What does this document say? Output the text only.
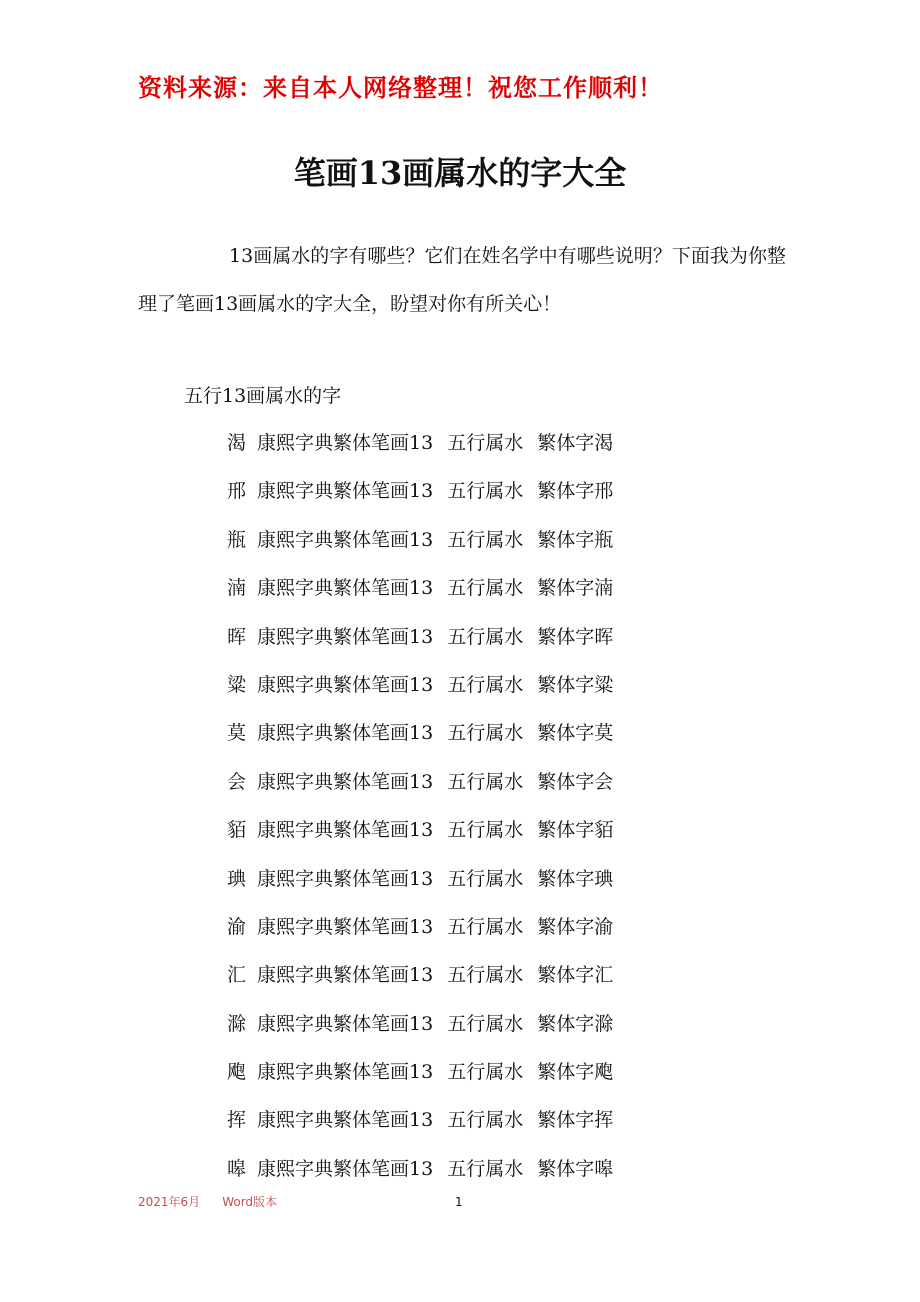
资料来源：来自本人网络整理！祝您工作顺利！
笔画13画属水的字大全

13画属水的字有哪些？它们在姓名学中有哪些说明？下面我为你整理了笔画13画属水的字大全，盼望对你有所关心！

五行13画属水的字
渴 康熙字典繁体笔画13 五行属水 繁体字渴
邢 康熙字典繁体笔画13 五行属水 繁体字邢
瓶 康熙字典繁体笔画13 五行属水 繁体字瓶
湳 康熙字典繁体笔画13 五行属水 繁体字湳
晖 康熙字典繁体笔画13 五行属水 繁体字晖
粱 康熙字典繁体笔画13 五行属水 繁体字粱
莫 康熙字典繁体笔画13 五行属水 繁体字莫
会 康熙字典繁体笔画13 五行属水 繁体字会
貊 康熙字典繁体笔画13 五行属水 繁体字貊
琠 康熙字典繁体笔画13 五行属水 繁体字琠
渝 康熙字典繁体笔画13 五行属水 繁体字渝
汇 康熙字典繁体笔画13 五行属水 繁体字汇
滁 康熙字典繁体笔画13 五行属水 繁体字滁
飑 康熙字典繁体笔画13 五行属水 繁体字飑
挥 康熙字典繁体笔画13 五行属水 繁体字挥
嗥 康熙字典繁体笔画13 五行属水 繁体字嗥
2021年6月 Word版本	1
